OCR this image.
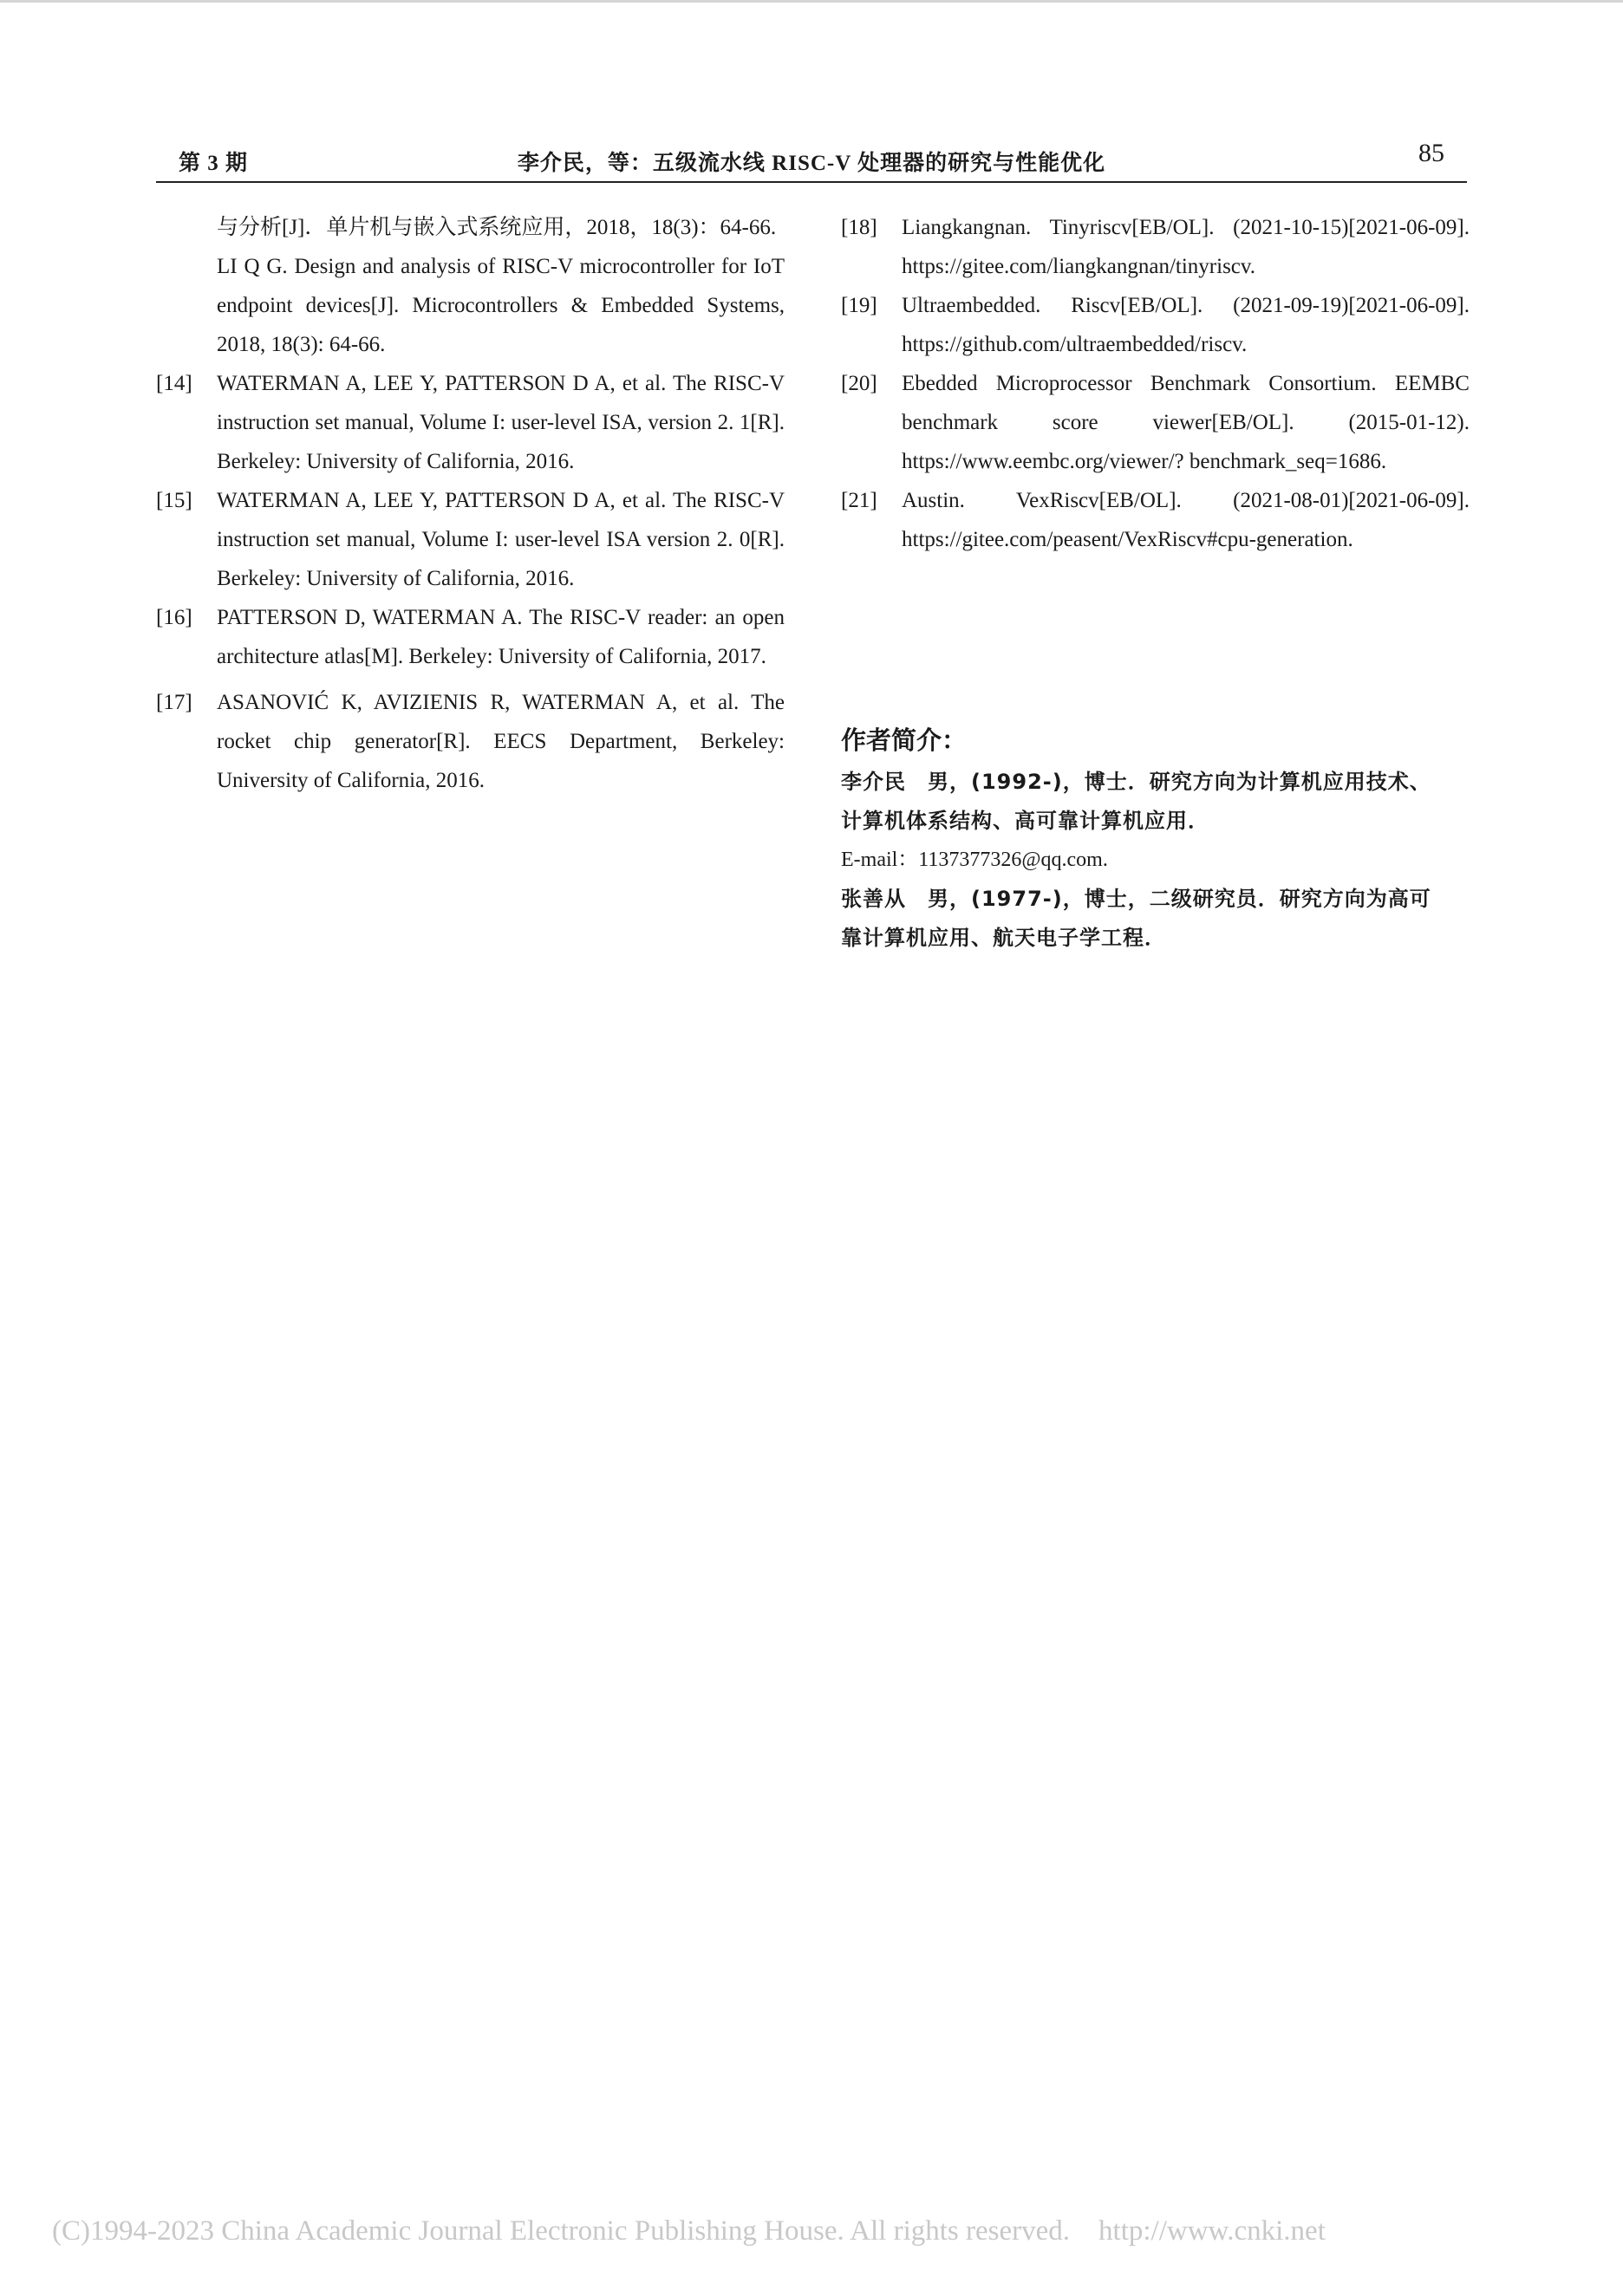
第 3 期	李介民，等：五级流水线 RISC-V 处理器的研究与性能优化	85
与分析[J]．单片机与嵌入式系统应用，2018，18(3)：64-66.
LI Q G. Design and analysis of RISC-V microcontroller for IoT endpoint devices[J]. Microcontrollers & Embedded Systems, 2018, 18(3): 64-66.
[14] WATERMAN A, LEE Y, PATTERSON D A, et al. The RISC-V instruction set manual, Volume I: user-level ISA, version 2. 1[R]. Berkeley: University of California, 2016.
[15] WATERMAN A, LEE Y, PATTERSON D A, et al. The RISC-V instruction set manual, Volume I: user-level ISA version 2. 0[R]. Berkeley: University of California, 2016.
[16] PATTERSON D, WATERMAN A. The RISC-V reader: an open architecture atlas[M]. Berkeley: University of California, 2017.
[17] ASANOVIĆ K, AVIZIENIS R, WATERMAN A, et al. The rocket chip generator[R]. EECS Department, Berkeley: University of California, 2016.
[18] Liangkangnan. Tinyriscv[EB/OL]. (2021-10-15)[2021-06-09]. https://gitee.com/liangkangnan/tinyriscv.
[19] Ultraembedded. Riscv[EB/OL]. (2021-09-19)[2021-06-09]. https://github.com/ultraembedded/riscv.
[20] Ebedded Microprocessor Benchmark Consortium. EEMBC benchmark score viewer[EB/OL]. (2015-01-12). https://www.eembc.org/viewer/? benchmark_seq=1686.
[21] Austin. VexRiscv[EB/OL]. (2021-08-01)[2021-06-09]. https://gitee.com/peasent/VexRiscv#cpu-generation.
作者简介：

李介民　男，(1992-)，博士．研究方向为计算机应用技术、

计算机体系结构、高可靠计算机应用．

E-mail：1137377326@qq.com.

张善从　男，(1977-)，博士，二级研究员．研究方向为高可

靠计算机应用、航天电子学工程．

(C)1994-2023 China Academic Journal Electronic Publishing House. All rights reserved. http://www.cnki.net
